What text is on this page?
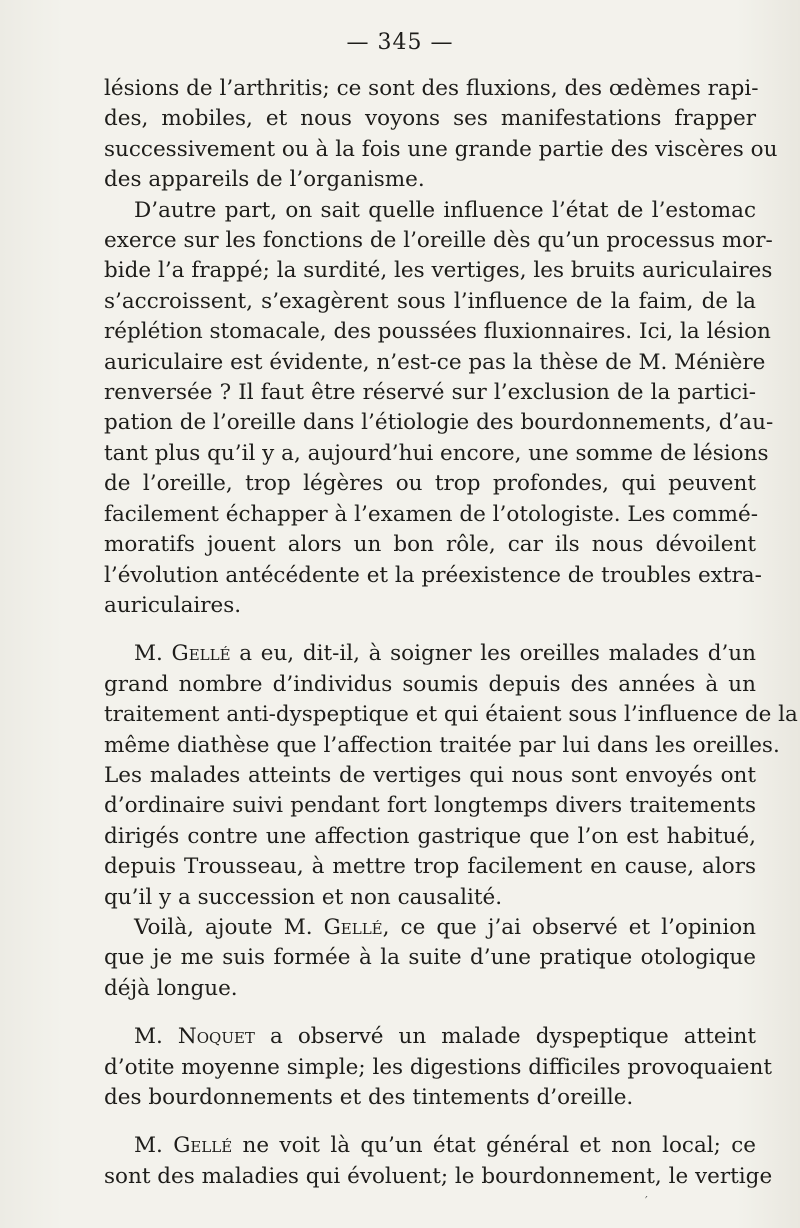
— 345 —
lésions de l’arthritis; ce sont des fluxions, des œdèmes rapi-
des, mobiles, et nous voyons ses manifestations frapper
successivement ou à la fois une grande partie des viscères ou
des appareils de l’organisme.
D’autre part, on sait quelle influence l’état de l’estomac
exerce sur les fonctions de l’oreille dès qu’un processus mor-
bide l’a frappé; la surdité, les vertiges, les bruits auriculaires
s’accroissent, s’exagèrent sous l’influence de la faim, de la
réplétion stomacale, des poussées fluxionnaires. Ici, la lésion
auriculaire est évidente, n’est-ce pas la thèse de M. Ménière
renversée ? Il faut être réservé sur l’exclusion de la partici-
pation de l’oreille dans l’étiologie des bourdonnements, d’au-
tant plus qu’il y a, aujourd’hui encore, une somme de lésions
de l’oreille, trop légères ou trop profondes, qui peuvent
facilement échapper à l’examen de l’otologiste. Les commé-
moratifs jouent alors un bon rôle, car ils nous dévoilent
l’évolution antécédente et la préexistence de troubles extra-
auriculaires.
M. Gellé a eu, dit-il, à soigner les oreilles malades d’un
grand nombre d’individus soumis depuis des années à un
traitement anti-dyspeptique et qui étaient sous l’influence de la
même diathèse que l’affection traitée par lui dans les oreilles.
Les malades atteints de vertiges qui nous sont envoyés ont
d’ordinaire suivi pendant fort longtemps divers traitements
dirigés contre une affection gastrique que l’on est habitué,
depuis Trousseau, à mettre trop facilement en cause, alors
qu’il y a succession et non causalité.
Voilà, ajoute M. Gellé, ce que j’ai observé et l’opinion
que je me suis formée à la suite d’une pratique otologique
déjà longue.
M. Noquet a observé un malade dyspeptique atteint
d’otite moyenne simple; les digestions difficiles provoquaient
des bourdonnements et des tintements d’oreille.
M. Gellé ne voit là qu’un état général et non local; ce
sont des maladies qui évoluent; le bourdonnement, le vertige
′
